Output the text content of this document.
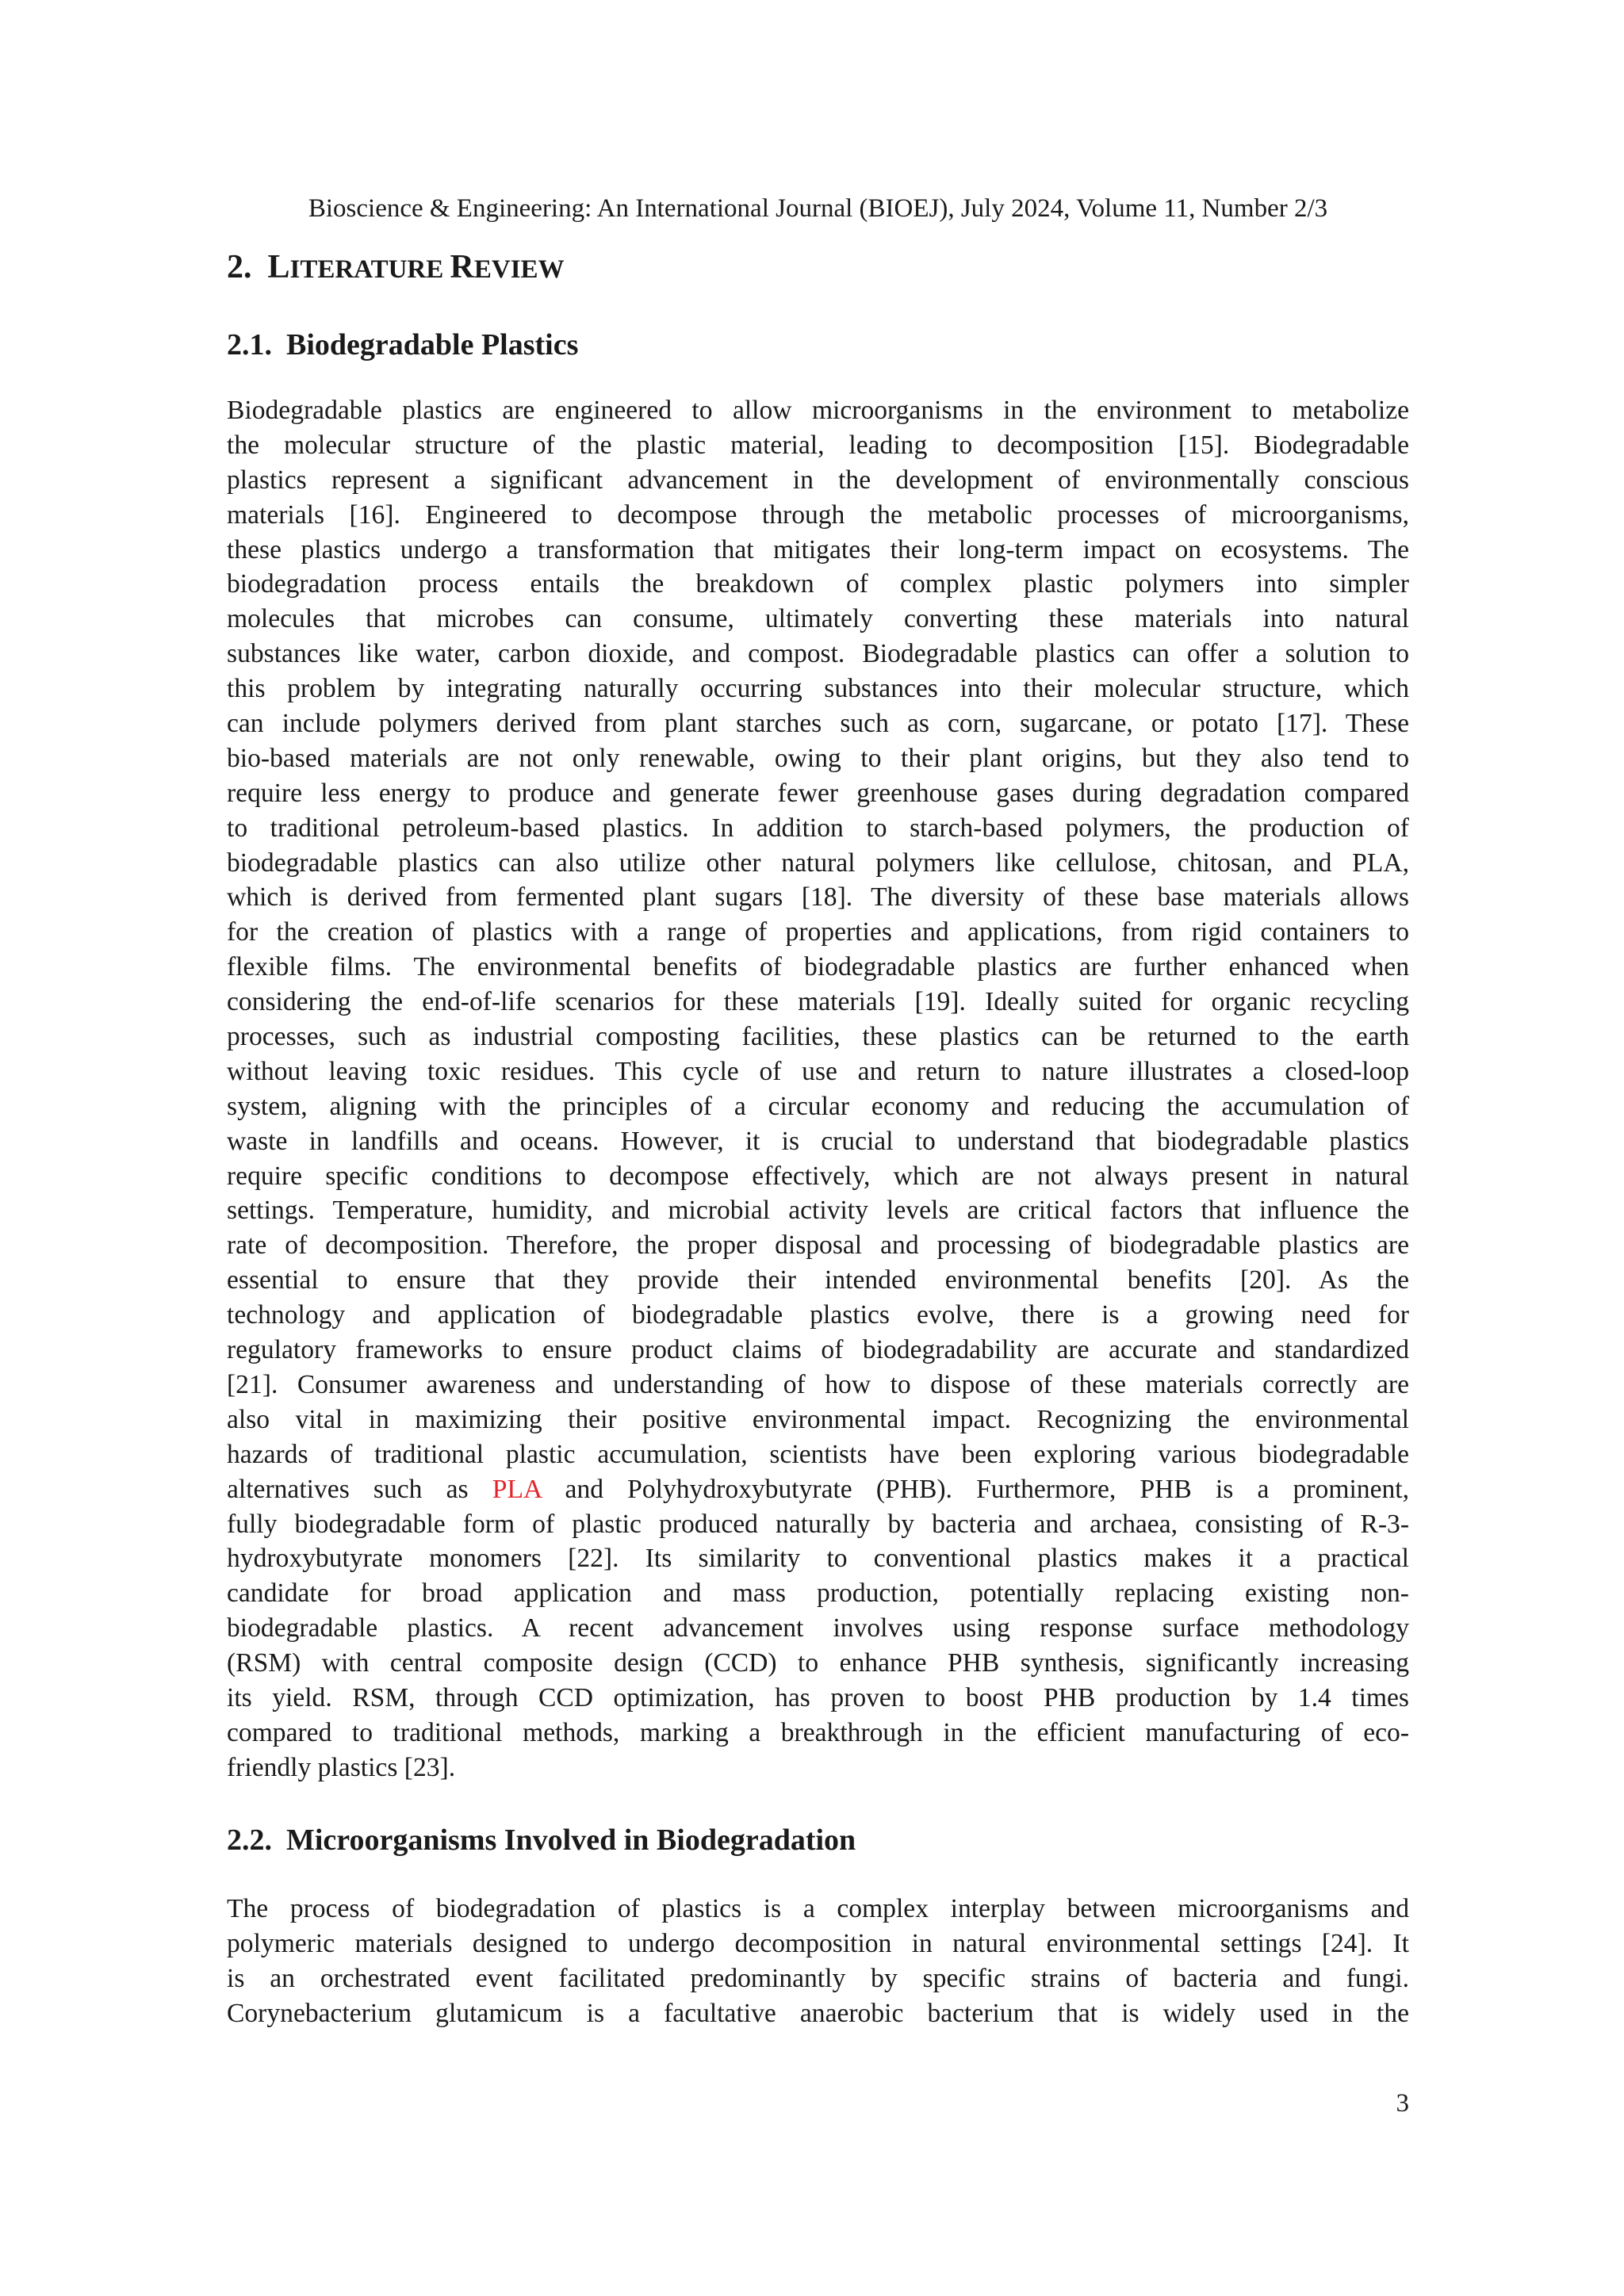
Bioscience & Engineering: An International Journal (BIOEJ), July 2024, Volume 11, Number 2/3
2. LITERATURE REVIEW
2.1. Biodegradable Plastics
Biodegradable plastics are engineered to allow microorganisms in the environment to metabolize
the molecular structure of the plastic material, leading to decomposition [15]. Biodegradable
plastics represent a significant advancement in the development of environmentally conscious
materials [16]. Engineered to decompose through the metabolic processes of microorganisms,
these plastics undergo a transformation that mitigates their long-term impact on ecosystems. The
biodegradation process entails the breakdown of complex plastic polymers into simpler
molecules that microbes can consume, ultimately converting these materials into natural
substances like water, carbon dioxide, and compost. Biodegradable plastics can offer a solution to
this problem by integrating naturally occurring substances into their molecular structure, which
can include polymers derived from plant starches such as corn, sugarcane, or potato [17]. These
bio-based materials are not only renewable, owing to their plant origins, but they also tend to
require less energy to produce and generate fewer greenhouse gases during degradation compared
to traditional petroleum-based plastics. In addition to starch-based polymers, the production of
biodegradable plastics can also utilize other natural polymers like cellulose, chitosan, and PLA,
which is derived from fermented plant sugars [18]. The diversity of these base materials allows
for the creation of plastics with a range of properties and applications, from rigid containers to
flexible films. The environmental benefits of biodegradable plastics are further enhanced when
considering the end-of-life scenarios for these materials [19]. Ideally suited for organic recycling
processes, such as industrial composting facilities, these plastics can be returned to the earth
without leaving toxic residues. This cycle of use and return to nature illustrates a closed-loop
system, aligning with the principles of a circular economy and reducing the accumulation of
waste in landfills and oceans. However, it is crucial to understand that biodegradable plastics
require specific conditions to decompose effectively, which are not always present in natural
settings. Temperature, humidity, and microbial activity levels are critical factors that influence the
rate of decomposition. Therefore, the proper disposal and processing of biodegradable plastics are
essential to ensure that they provide their intended environmental benefits [20]. As the
technology and application of biodegradable plastics evolve, there is a growing need for
regulatory frameworks to ensure product claims of biodegradability are accurate and standardized
[21]. Consumer awareness and understanding of how to dispose of these materials correctly are
also vital in maximizing their positive environmental impact. Recognizing the environmental
hazards of traditional plastic accumulation, scientists have been exploring various biodegradable
alternatives such as PLA and Polyhydroxybutyrate (PHB). Furthermore, PHB is a prominent,
fully biodegradable form of plastic produced naturally by bacteria and archaea, consisting of R-3-
hydroxybutyrate monomers [22]. Its similarity to conventional plastics makes it a practical
candidate for broad application and mass production, potentially replacing existing non-
biodegradable plastics. A recent advancement involves using response surface methodology
(RSM) with central composite design (CCD) to enhance PHB synthesis, significantly increasing
its yield. RSM, through CCD optimization, has proven to boost PHB production by 1.4 times
compared to traditional methods, marking a breakthrough in the efficient manufacturing of eco-
friendly plastics [23].
2.2. Microorganisms Involved in Biodegradation
The process of biodegradation of plastics is a complex interplay between microorganisms and
polymeric materials designed to undergo decomposition in natural environmental settings [24]. It
is an orchestrated event facilitated predominantly by specific strains of bacteria and fungi.
Corynebacterium glutamicum is a facultative anaerobic bacterium that is widely used in the
3
